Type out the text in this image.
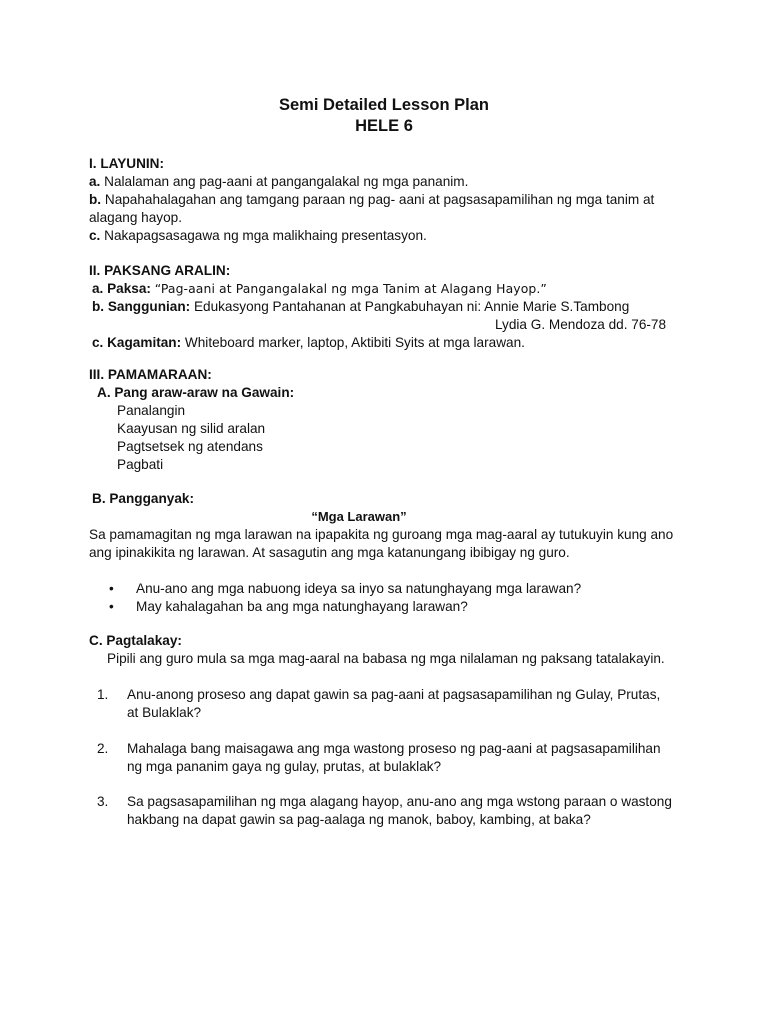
Semi Detailed Lesson Plan
HELE 6
I. LAYUNIN:
a. Nalalaman ang pag-aani at pangangalakal ng mga pananim.
b. Napahahalagahan ang tamgang paraan ng pag- aani at pagsasapamilihan ng mga tanim at alagang hayop.
c. Nakapagsasagawa ng mga malikhaing presentasyon.
II. PAKSANG ARALIN:
a. Paksa: “Pag-aani at Pangangalakal ng mga Tanim at Alagang Hayop.”
b. Sanggunian: Edukasyong Pantahanan at Pangkabuhayan ni: Annie Marie S.Tambong
Lydia G. Mendoza dd. 76-78
c. Kagamitan: Whiteboard marker, laptop, Aktibiti Syits at mga larawan.
III. PAMAMARAAN:
A. Pang araw-araw na Gawain:
Panalangin
Kaayusan ng silid aralan
Pagtsetsek ng atendans
Pagbati
B. Pangganyak:
“Mga Larawan”
Sa pamamagitan ng mga larawan na ipapakita ng guroang mga mag-aaral ay tutukuyin kung ano ang ipinakikita ng larawan. At sasagutin ang mga katanungang ibibigay ng guro.
•	Anu-ano ang mga nabuong ideya sa inyo sa natunghayang mga larawan?
•	May kahalagahan ba ang mga natunghayang larawan?
C. Pagtalakay:
Pipili ang guro mula sa mga mag-aaral na babasa ng mga nilalaman ng paksang tatalakayin.
1.	Anu-anong proseso ang dapat gawin sa pag-aani at pagsasapamilihan ng Gulay, Prutas,
at Bulaklak?
2.	Mahalaga bang maisagawa ang mga wastong proseso ng pag-aani at pagsasapamilihan
ng mga pananim gaya ng gulay, prutas, at bulaklak?
3.	Sa pagsasapamilihan ng mga alagang hayop, anu-ano ang mga wstong paraan o wastong
hakbang na dapat gawin sa pag-aalaga ng manok, baboy, kambing, at baka?
